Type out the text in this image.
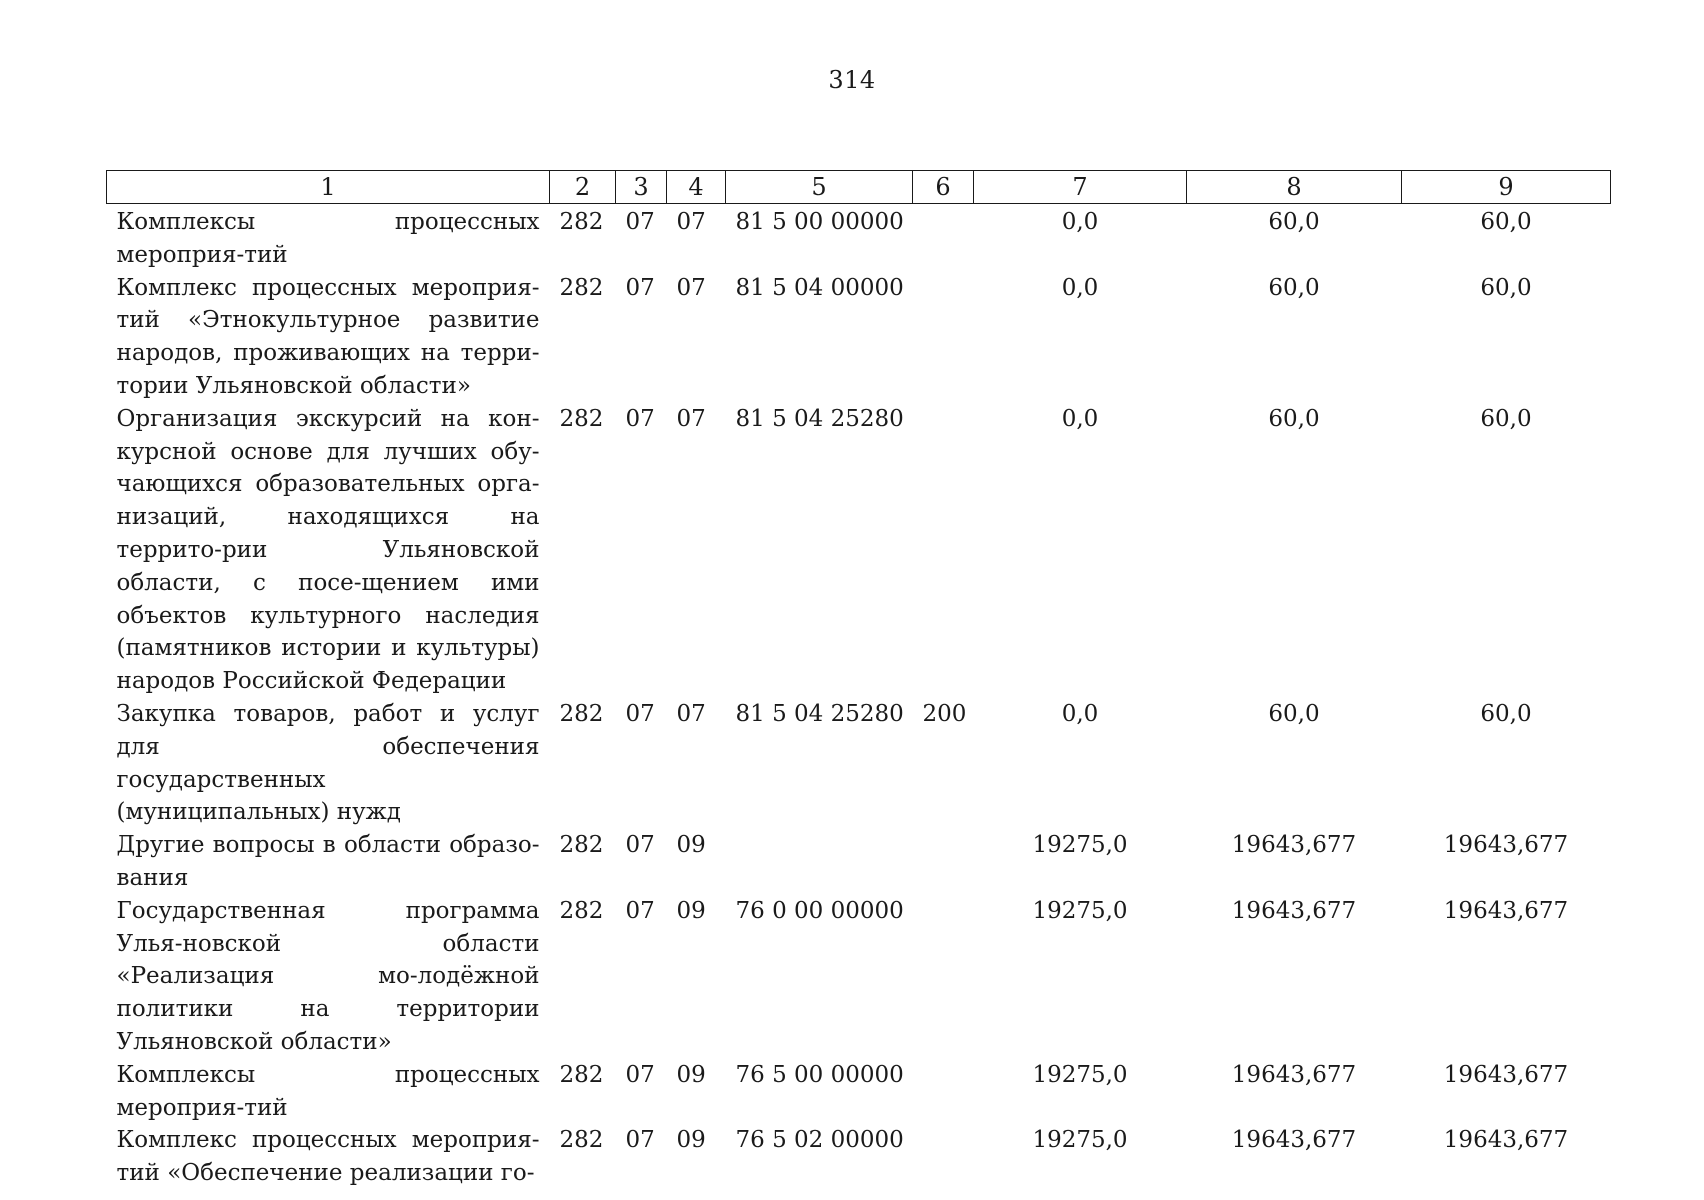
314
1	2	3	4	5	6	7	8	9
Комплексы процессных мероприя-тий	282	07	07	81 5 00 00000		0,0	60,0	60,0
Комплекс процессных мероприя-тий «Этнокультурное развитие народов, проживающих на терри-тории Ульяновской области»	282	07	07	81 5 04 00000		0,0	60,0	60,0
Организация экскурсий на кон-курсной основе для лучших обу-чающихся образовательных орга-низаций, находящихся на террито-рии Ульяновской области, с посе-щением ими объектов культурного наследия (памятников истории и культуры) народов Российской Федерации	282	07	07	81 5 04 25280		0,0	60,0	60,0
Закупка товаров, работ и услуг для обеспечения государственных (муниципальных) нужд	282	07	07	81 5 04 25280	200	0,0	60,0	60,0
Другие вопросы в области образо-вания	282	07	09			19275,0	19643,677	19643,677
Государственная программа Улья-новской области «Реализация мо-лодёжной политики на территории Ульяновской области»	282	07	09	76 0 00 00000		19275,0	19643,677	19643,677
Комплексы процессных мероприя-тий	282	07	09	76 5 00 00000		19275,0	19643,677	19643,677
Комплекс процессных мероприя-тий «Обеспечение реализации го-	282	07	09	76 5 02 00000		19275,0	19643,677	19643,677
